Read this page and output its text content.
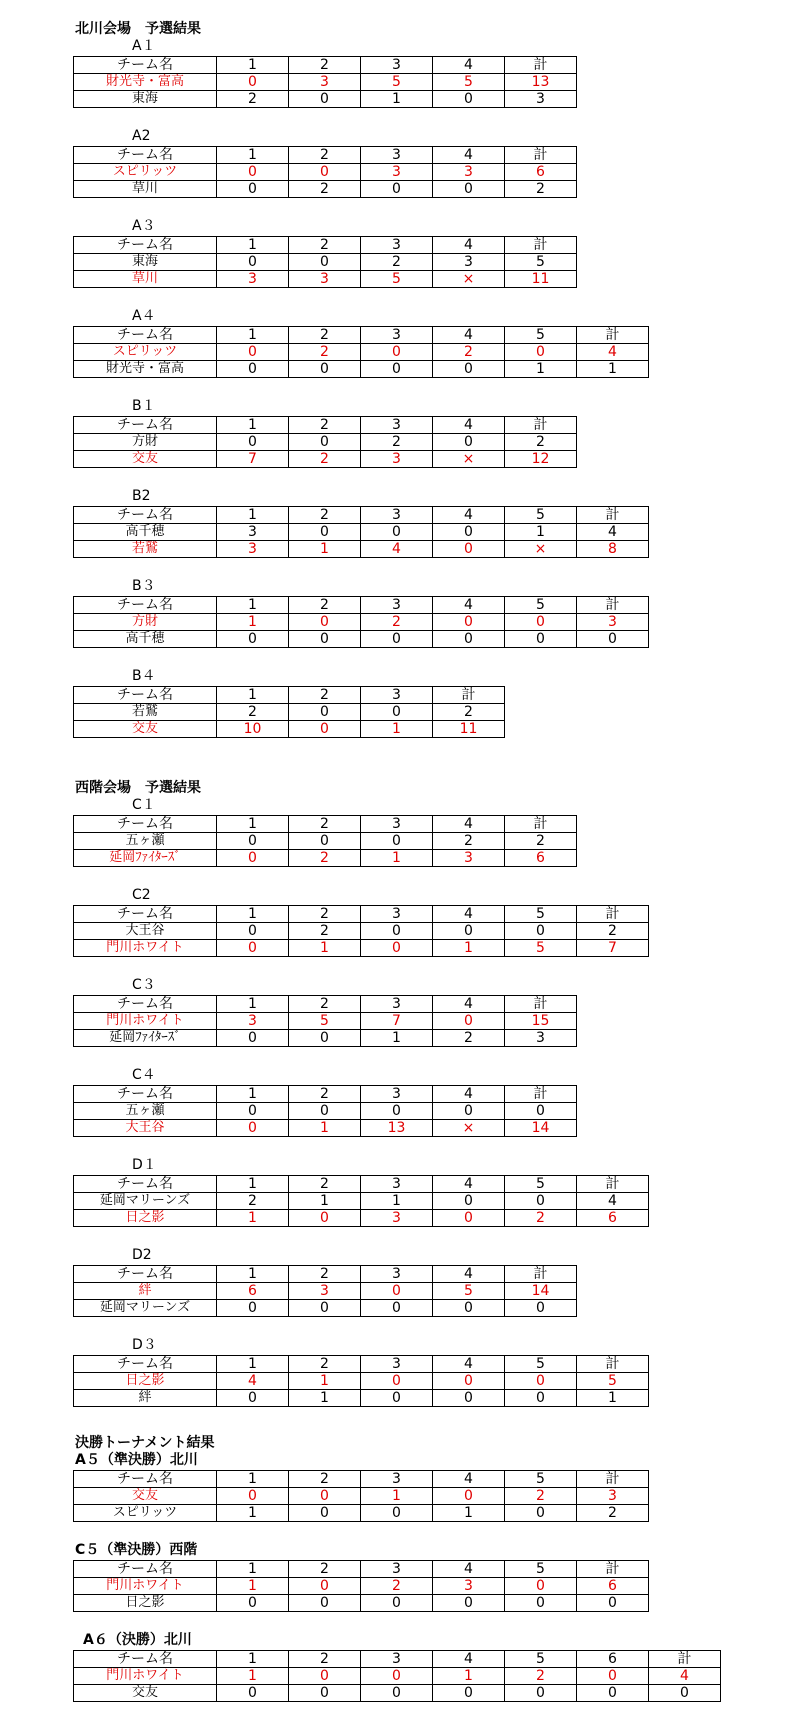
北川会場　予選結果
西階会場　予選結果
決勝トーナメント結果
A１
A2
A３
A４
B１
B2
B３
B４
C１
C2
C３
C４
D１
D2
D３
A５（準決勝）北川
C５（準決勝）西階
A６（決勝）北川
チーム名	1	2	3	4	計
財光寺・富高	0	3	5	5	13
東海	2	0	1	0	3
チーム名	1	2	3	4	計
スピリッツ	0	0	3	3	6
草川	0	2	0	0	2
チーム名	1	2	3	4	計
東海	0	0	2	3	5
草川	3	3	5	×	11
チーム名	1	2	3	4	5	計
スピリッツ	0	2	0	2	0	4
財光寺・富高	0	0	0	0	1	1
チーム名	1	2	3	4	計
方財	0	0	2	0	2
交友	7	2	3	×	12
チーム名	1	2	3	4	5	計
高千穂	3	0	0	0	1	4
若鷲	3	1	4	0	×	8
チーム名	1	2	3	4	5	計
方財	1	0	2	0	0	3
高千穂	0	0	0	0	0	0
チーム名	1	2	3	計
若鷲	2	0	0	2
交友	10	0	1	11
チーム名	1	2	3	4	計
五ヶ瀬	0	0	0	2	2
延岡ﾌｧｲﾀｰｽﾞ	0	2	1	3	6
チーム名	1	2	3	4	5	計
大王谷	0	2	0	0	0	2
門川ホワイト	0	1	0	1	5	7
チーム名	1	2	3	4	計
門川ホワイト	3	5	7	0	15
延岡ﾌｧｲﾀｰｽﾞ	0	0	1	2	3
チーム名	1	2	3	4	計
五ヶ瀬	0	0	0	0	0
大王谷	0	1	13	×	14
チーム名	1	2	3	4	5	計
延岡マリーンズ	2	1	1	0	0	4
日之影	1	0	3	0	2	6
チーム名	1	2	3	4	計
絆	6	3	0	5	14
延岡マリーンズ	0	0	0	0	0
チーム名	1	2	3	4	5	計
日之影	4	1	0	0	0	5
絆	0	1	0	0	0	1
チーム名	1	2	3	4	5	計
交友	0	0	1	0	2	3
スピリッツ	1	0	0	1	0	2
チーム名	1	2	3	4	5	計
門川ホワイト	1	0	2	3	0	6
日之影	0	0	0	0	0	0
チーム名	1	2	3	4	5	6	計
門川ホワイト	1	0	0	1	2	0	4
交友	0	0	0	0	0	0	0
